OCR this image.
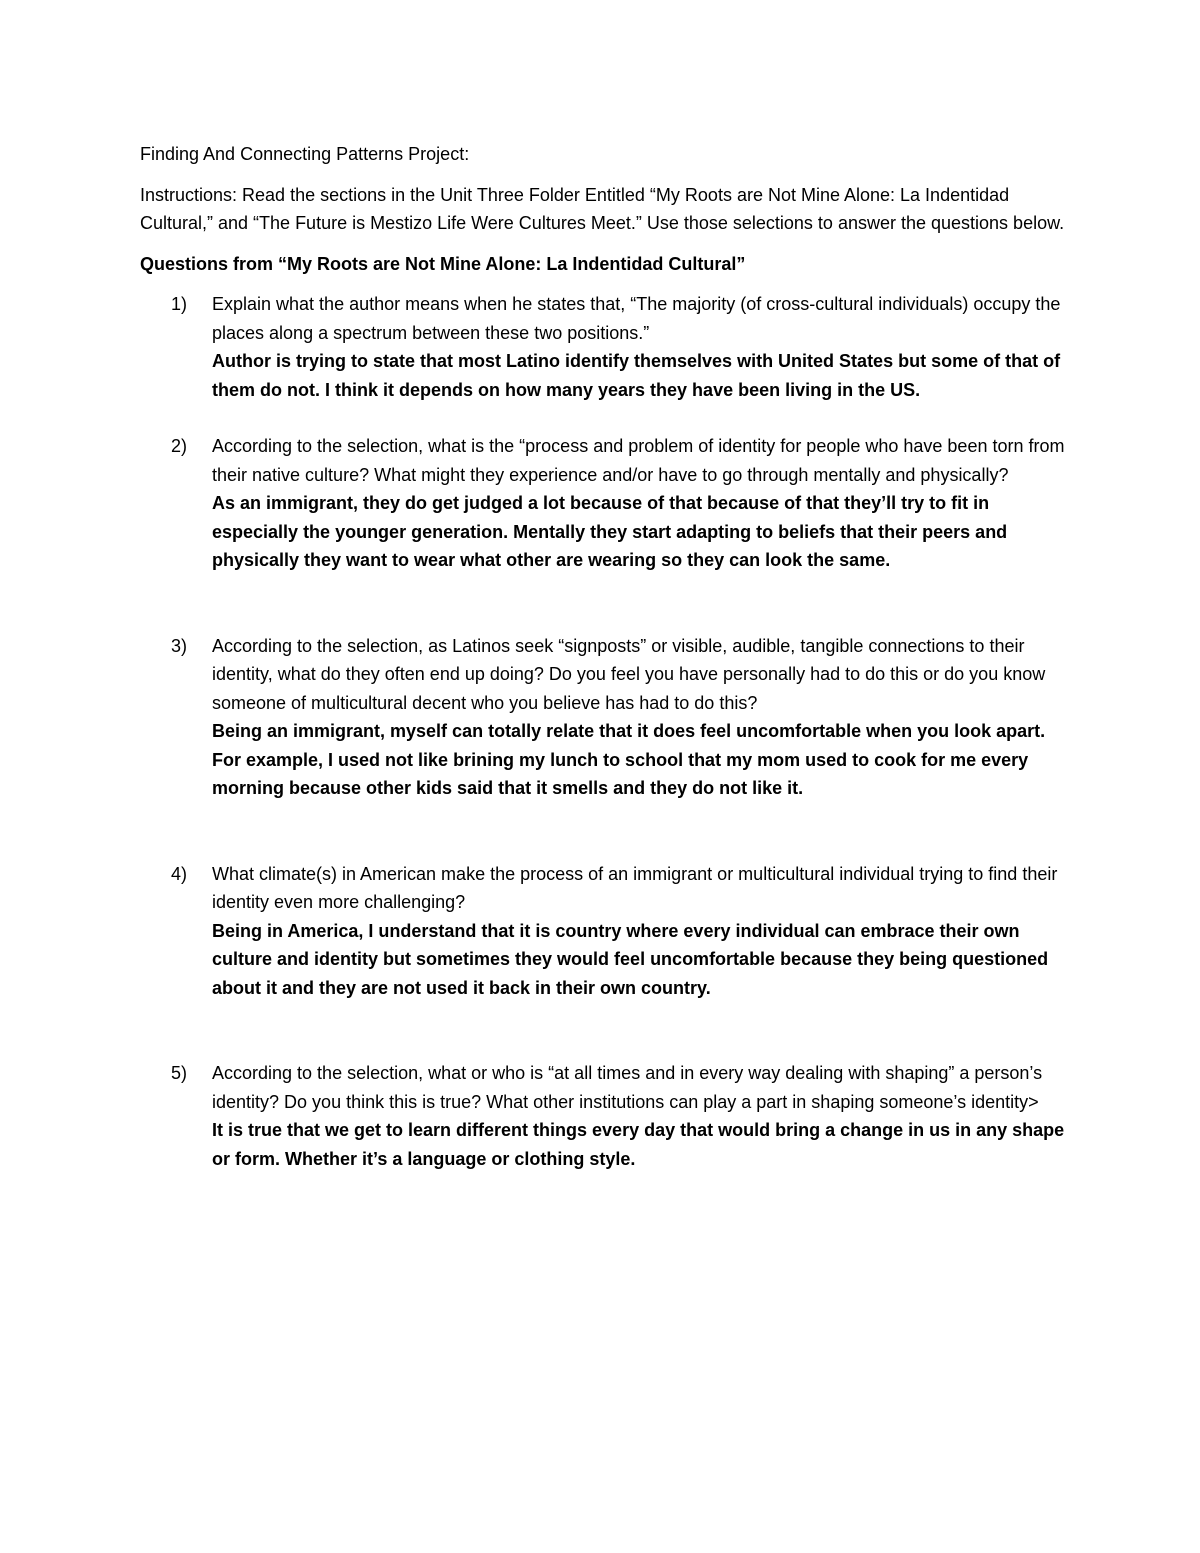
Finding And Connecting Patterns Project:

Instructions: Read the sections in the Unit Three Folder Entitled “My Roots are Not Mine Alone: La Indentidad Cultural,” and “The Future is Mestizo Life Were Cultures Meet.” Use those selections to answer the questions below.

Questions from “My Roots are Not Mine Alone: La Indentidad Cultural”

1) Explain what the author means when he states that, “The majority (of cross-cultural individuals) occupy the places along a spectrum between these two positions.”
Author is trying to state that most Latino identify themselves with United States but some of that of them do not. I think it depends on how many years they have been living in the US.
2) According to the selection, what is the “process and problem of identity for people who have been torn from their native culture? What might they experience and/or have to go through mentally and physically?
As an immigrant, they do get judged a lot because of that because of that they’ll try to fit in especially the younger generation. Mentally they start adapting to beliefs that their peers and physically they want to wear what other are wearing so they can look the same.
3) According to the selection, as Latinos seek “signposts” or visible, audible, tangible connections to their identity, what do they often end up doing? Do you feel you have personally had to do this or do you know someone of multicultural decent who you believe has had to do this?
Being an immigrant, myself can totally relate that it does feel uncomfortable when you look apart. For example, I used not like brining my lunch to school that my mom used to cook for me every morning because other kids said that it smells and they do not like it.
4) What climate(s) in American make the process of an immigrant or multicultural individual trying to find their identity even more challenging?
Being in America, I understand that it is country where every individual can embrace their own culture and identity but sometimes they would feel uncomfortable because they being questioned about it and they are not used it back in their own country.
5) According to the selection, what or who is “at all times and in every way dealing with shaping” a person’s identity? Do you think this is true? What other institutions can play a part in shaping someone’s identity>
It is true that we get to learn different things every day that would bring a change in us in any shape or form. Whether it’s a language or clothing style.
